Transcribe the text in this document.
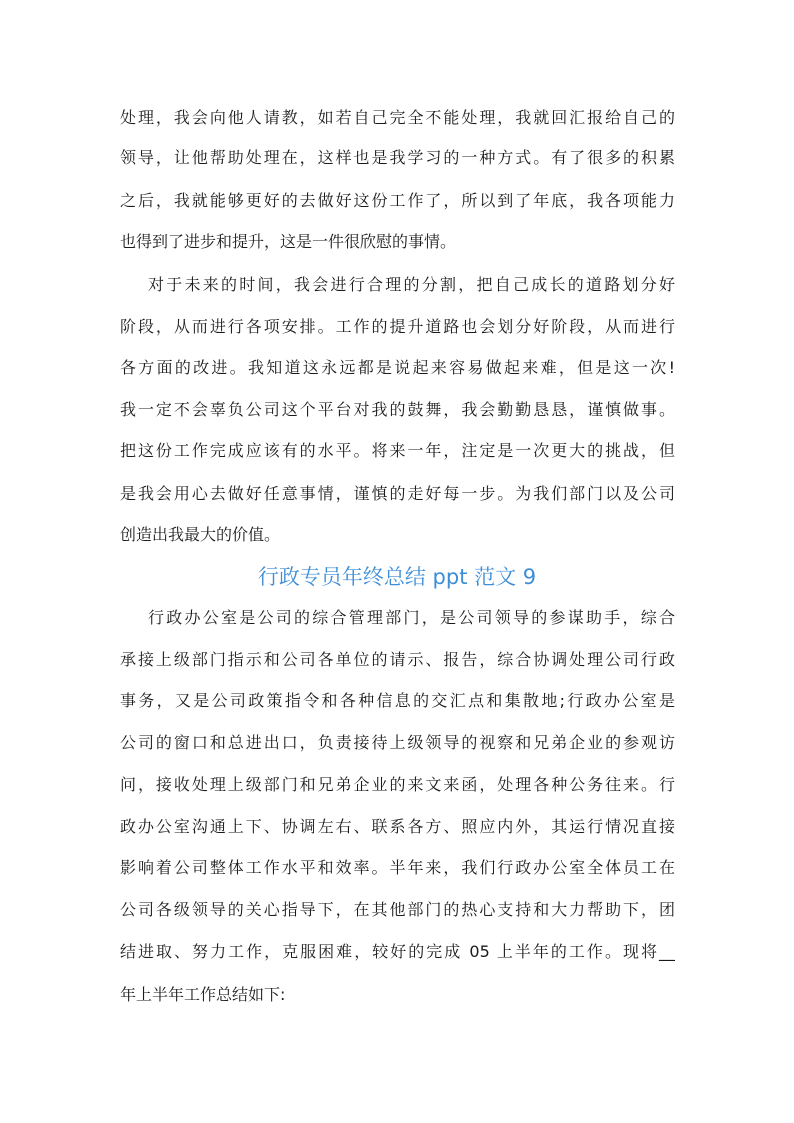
处理，我会向他人请教，如若自己完全不能处理，我就回汇报给自己的
领导，让他帮助处理在，这样也是我学习的一种方式。有了很多的积累
之后，我就能够更好的去做好这份工作了，所以到了年底，我各项能力
也得到了进步和提升，这是一件很欣慰的事情。
对于未来的时间，我会进行合理的分割，把自己成长的道路划分好
阶段，从而进行各项安排。工作的提升道路也会划分好阶段，从而进行
各方面的改进。我知道这永远都是说起来容易做起来难，但是这一次!
我一定不会辜负公司这个平台对我的鼓舞，我会勤勤恳恳，谨慎做事。
把这份工作完成应该有的水平。将来一年，注定是一次更大的挑战，但
是我会用心去做好任意事情，谨慎的走好每一步。为我们部门以及公司
创造出我最大的价值。
行政专员年终总结 ppt 范文 9
行政办公室是公司的综合管理部门，是公司领导的参谋助手，综合
承接上级部门指示和公司各单位的请示、报告，综合协调处理公司行政
事务，又是公司政策指令和各种信息的交汇点和集散地;行政办公室是
公司的窗口和总进出口，负责接待上级领导的视察和兄弟企业的参观访
问，接收处理上级部门和兄弟企业的来文来函，处理各种公务往来。行
政办公室沟通上下、协调左右、联系各方、照应内外，其运行情况直接
影响着公司整体工作水平和效率。半年来，我们行政办公室全体员工在
公司各级领导的关心指导下，在其他部门的热心支持和大力帮助下，团
结进取、努力工作，克服困难，较好的完成 05 上半年的工作。现将__
年上半年工作总结如下:
